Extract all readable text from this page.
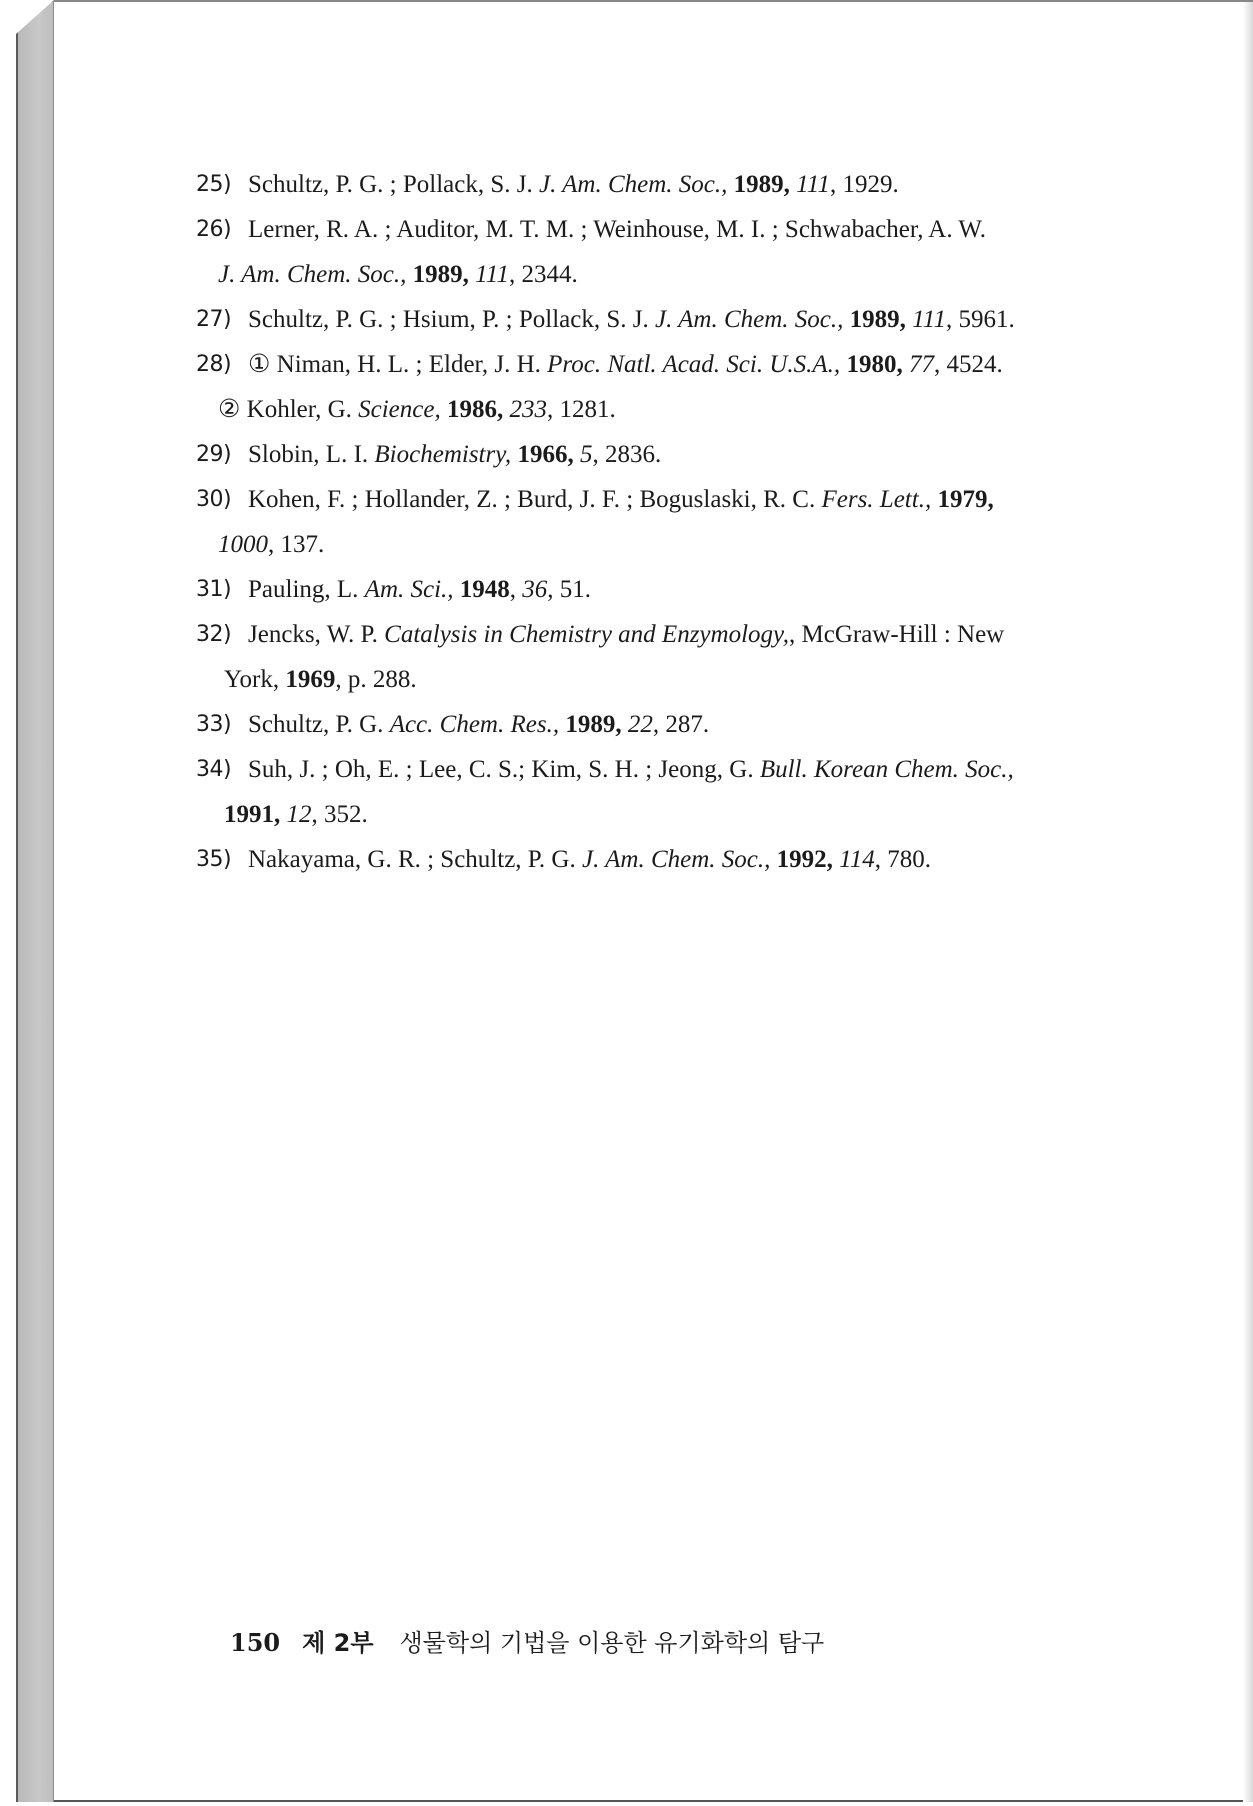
25) Schultz, P. G. ; Pollack, S. J. J. Am. Chem. Soc., 1989, 111, 1929.

26) Lerner, R. A. ; Auditor, M. T. M. ; Weinhouse, M. I. ; Schwabacher, A. W.
J. Am. Chem. Soc., 1989, 111, 2344.

27) Schultz, P. G. ; Hsium, P. ; Pollack, S. J. J. Am. Chem. Soc., 1989, 111, 5961.

28) ① Niman, H. L. ; Elder, J. H. Proc. Natl. Acad. Sci. U.S.A., 1980, 77, 4524.
② Kohler, G. Science, 1986, 233, 1281.

29) Slobin, L. I. Biochemistry, 1966, 5, 2836.

30) Kohen, F. ; Hollander, Z. ; Burd, J. F. ; Boguslaski, R. C. Fers. Lett., 1979,
1000, 137.

31) Pauling, L. Am. Sci., 1948, 36, 51.

32) Jencks, W. P. Catalysis in Chemistry and Enzymology,, McGraw-Hill : New
York, 1969, p. 288.

33) Schultz, P. G. Acc. Chem. Res., 1989, 22, 287.

34) Suh, J. ; Oh, E. ; Lee, C. S.; Kim, S. H. ; Jeong, G. Bull. Korean Chem. Soc.,
1991, 12, 352.

35) Nakayama, G. R. ; Schultz, P. G. J. Am. Chem. Soc., 1992, 114, 780.

150 제 2부 생물학의 기법을 이용한 유기화학의 탐구
